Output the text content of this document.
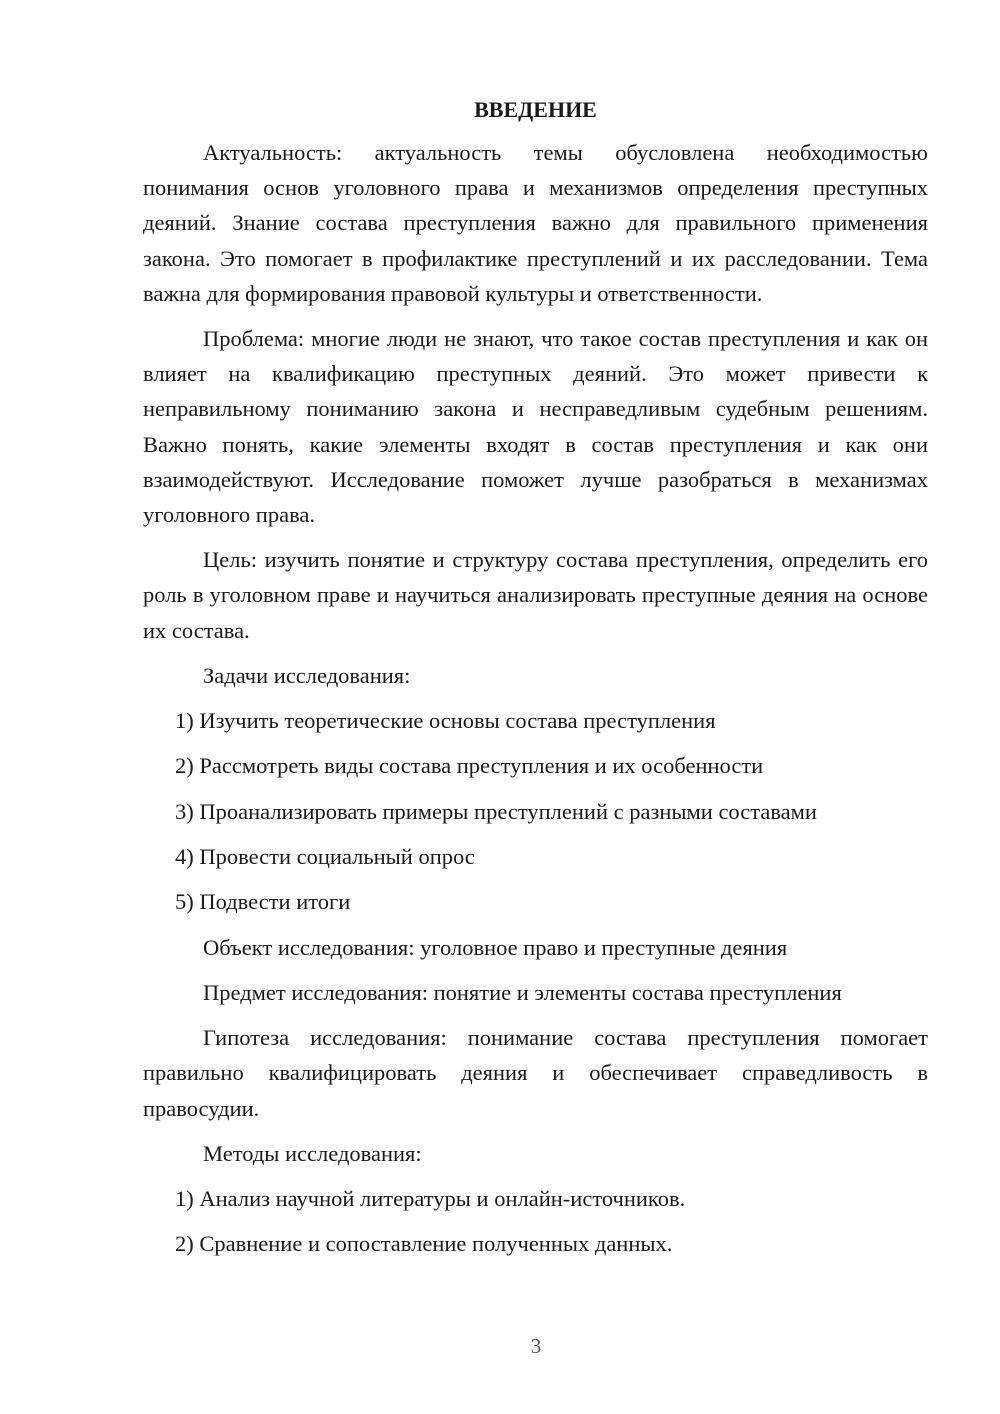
ВВЕДЕНИЕ

Актуальность: актуальность темы обусловлена необходимостью понимания основ уголовного права и механизмов определения преступных деяний. Знание состава преступления важно для правильного применения закона. Это помогает в профилактике преступлений и их расследовании. Тема важна для формирования правовой культуры и ответственности.

Проблема: многие люди не знают, что такое состав преступления и как он влияет на квалификацию преступных деяний. Это может привести к неправильному пониманию закона и несправедливым судебным решениям. Важно понять, какие элементы входят в состав преступления и как они взаимодействуют. Исследование поможет лучше разобраться в механизмах уголовного права.

Цель: изучить понятие и структуру состава преступления, определить его роль в уголовном праве и научиться анализировать преступные деяния на основе их состава.

Задачи исследования:
1) Изучить теоретические основы состава преступления
2) Рассмотреть виды состава преступления и их особенности
3) Проанализировать примеры преступлений с разными составами
4) Провести социальный опрос
5) Подвести итоги
Объект исследования: уголовное право и преступные деяния
Предмет исследования: понятие и элементы состава преступления

Гипотеза исследования: понимание состава преступления помогает правильно квалифицировать деяния и обеспечивает справедливость в правосудии.

Методы исследования:
1) Анализ научной литературы и онлайн-источников.
2) Сравнение и сопоставление полученных данных.
3
